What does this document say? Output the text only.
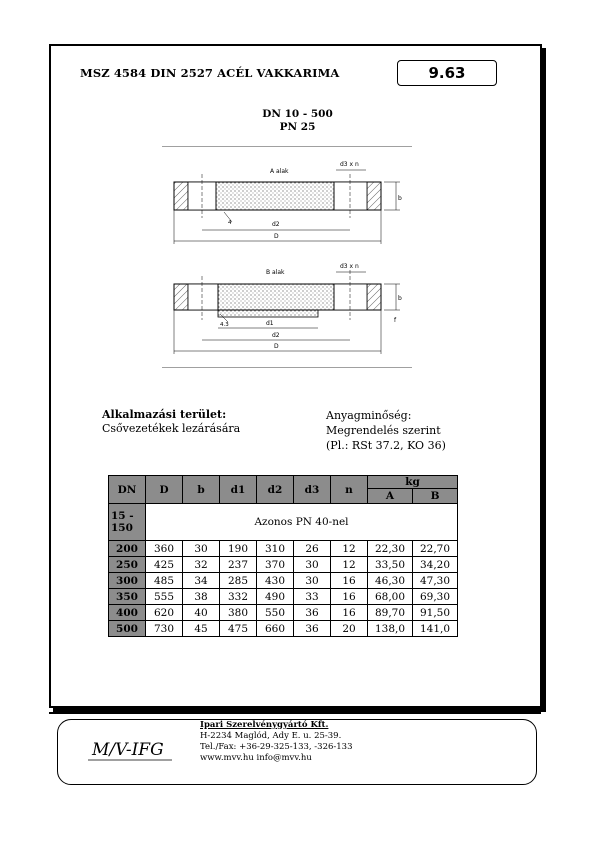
MSZ 4584 DIN 2527 ACÉL VAKKARIMA	9.63
DN 10 - 500
PN 25
A alak
d3 x n
b
d2
D
4
B alak
d3 x n
b
f
d1
d2
D
4.3
Alkalmazási terület:
Csővezetékek lezárására
Anyagminőség:
Megrendelés szerint
(Pl.: RSt 37.2, KO 36)
DN	D	b	d1	d2	d3	n	kg	
							A	B
15 - 150	Azonos PN 40-nel							
200	360	30	190	310	26	12	22,30	22,70
250	425	32	237	370	30	12	33,50	34,20
300	485	34	285	430	30	16	46,30	47,30
350	555	38	332	490	33	16	68,00	69,30
400	620	40	380	550	36	16	89,70	91,50
500	730	45	475	660	36	20	138,0	141,0
M/V-IFG
Ipari Szerelvénygyártó Kft.
H-2234 Maglód, Ady E. u. 25-39.
Tel./Fax: +36-29-325-133, -326-133
www.mvv.hu info@mvv.hu
